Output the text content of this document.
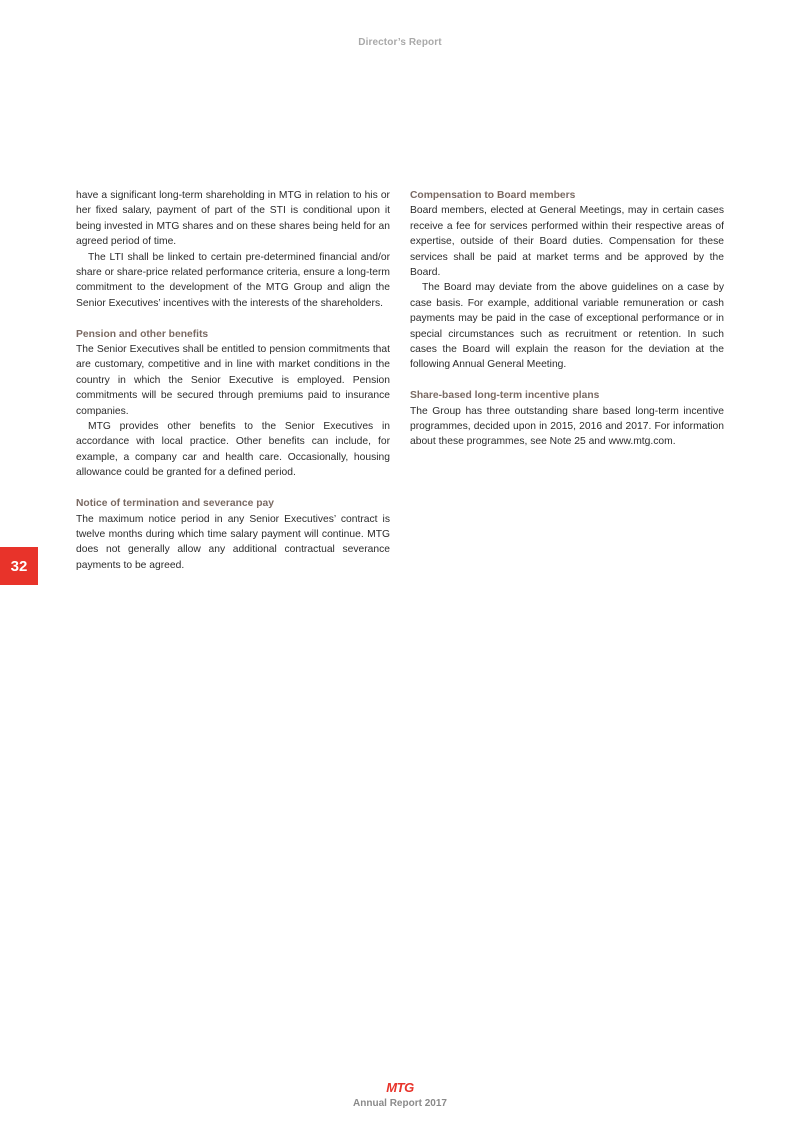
Director’s Report

have a significant long-term shareholding in MTG in relation to his or her fixed salary, payment of part of the STI is conditional upon it being invested in MTG shares and on these shares being held for an agreed period of time.

The LTI shall be linked to certain pre-determined financial and/or share or share-price related performance criteria, ensure a long-term commitment to the development of the MTG Group and align the Senior Executives’ incentives with the interests of the shareholders.

Pension and other benefits

The Senior Executives shall be entitled to pension commitments that are customary, competitive and in line with market conditions in the country in which the Senior Executive is employed. Pension commitments will be secured through premiums paid to insurance companies.

MTG provides other benefits to the Senior Executives in accordance with local practice. Other benefits can include, for example, a company car and health care. Occasionally, housing allowance could be granted for a defined period.

Notice of termination and severance pay

The maximum notice period in any Senior Executives’ contract is twelve months during which time salary payment will continue. MTG does not generally allow any additional contractual severance payments to be agreed.

Compensation to Board members

Board members, elected at General Meetings, may in certain cases receive a fee for services performed within their respective areas of expertise, outside of their Board duties. Compensation for these services shall be paid at market terms and be approved by the Board.

The Board may deviate from the above guidelines on a case by case basis. For example, additional variable remuneration or cash payments may be paid in the case of exceptional performance or in special circumstances such as recruitment or retention. In such cases the Board will explain the reason for the deviation at the following Annual General Meeting.

Share-based long-term incentive plans

The Group has three outstanding share based long-term incentive programmes, decided upon in 2015, 2016 and 2017. For information about these programmes, see Note 25 and www.mtg.com.

32
MTG
Annual Report 2017
